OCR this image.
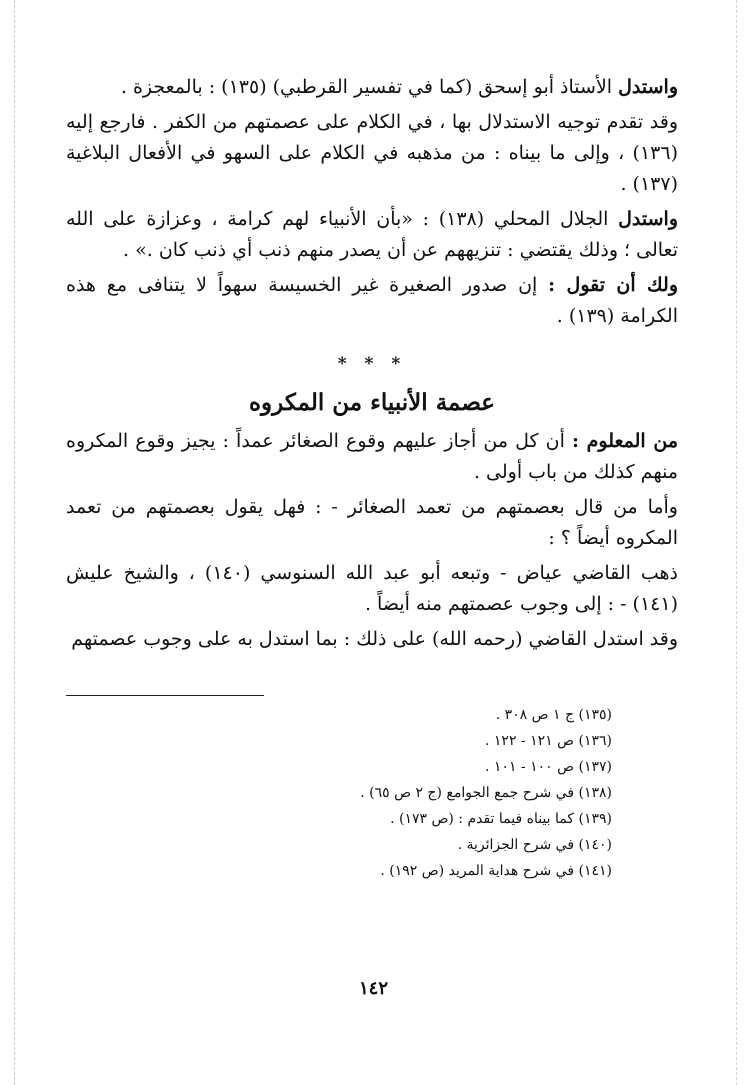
واستدل الأستاذ أبو إسحق (كما في تفسير القرطبي) (١٣٥) : بالمعجزة .

وقد تقدم توجيه الاستدلال بها ، في الكلام على عصمتهم من الكفر . فارجع إليه (١٣٦) ، وإلى ما بيناه : من مذهبه في الكلام على السهو في الأفعال البلاغية (١٣٧) .

واستدل الجلال المحلي (١٣٨) : «بأن الأنبياء لهم كرامة ، وعزازة على الله تعالى ؛ وذلك يقتضي : تنزيههم عن أن يصدر منهم ذنب أي ذنب كان .» .

ولك أن تقول : إن صدور الصغيرة غير الخسيسة سهواً لا يتنافى مع هذه الكرامة (١٣٩) .

* * *
عصمة الأنبياء من المكروه

من المعلوم : أن كل من أجاز عليهم وقوع الصغائر عمداً : يجيز وقوع المكروه منهم كذلك من باب أولى .

وأما من قال بعصمتهم من تعمد الصغائر - : فهل يقول بعصمتهم من تعمد المكروه أيضاً ؟ :

ذهب القاضي عياض - وتبعه أبو عبد الله السنوسي (١٤٠) ، والشيخ عليش (١٤١) - : إلى وجوب عصمتهم منه أيضاً .

وقد استدل القاضي (رحمه الله) على ذلك : بما استدل به على وجوب عصمتهم

(١٣٥) ج ١ ص ٣٠٨ .
(١٣٦) ص ١٢١ - ١٢٢ .
(١٣٧) ص ١٠٠ - ١٠١ .
(١٣٨) في شرح جمع الجوامع (ج ٢ ص ٦٥) .
(١٣٩) كما بيناه فيما تقدم : (ص ١٧٣) .
(١٤٠) في شرح الجزائرية .
(١٤١) في شرح هداية المريد (ص ١٩٢) .
١٤٢
